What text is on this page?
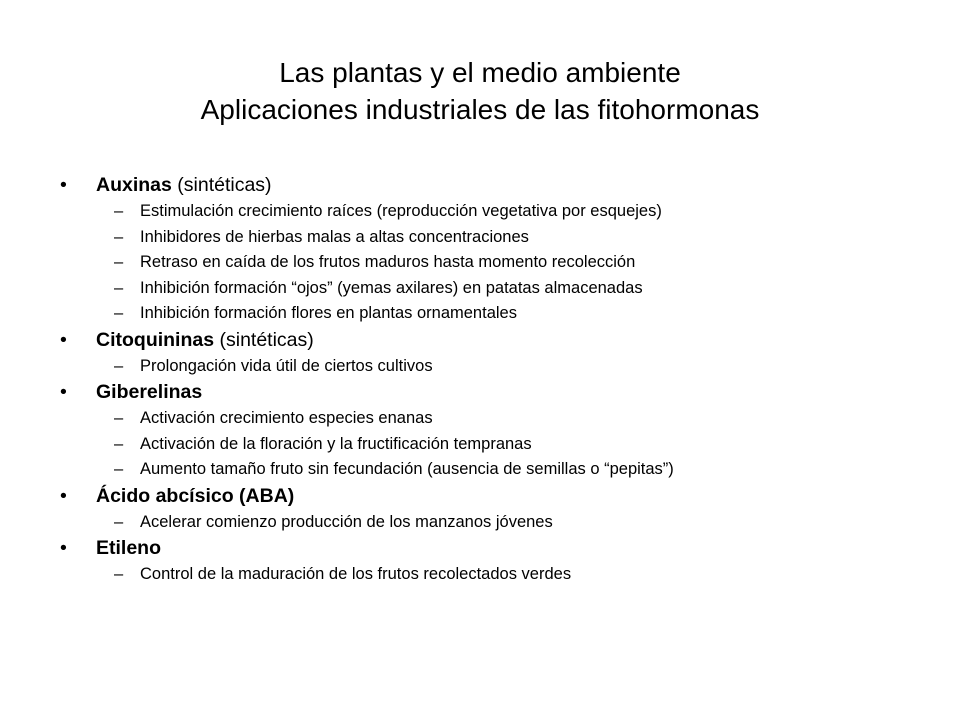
Las plantas y el medio ambiente
Aplicaciones industriales de las fitohormonas
• Auxinas (sintéticas)
– Estimulación crecimiento raíces (reproducción vegetativa por esquejes)
– Inhibidores de hierbas malas a altas concentraciones
– Retraso en caída de los frutos maduros hasta momento recolección
– Inhibición formación “ojos” (yemas axilares) en patatas almacenadas
– Inhibición formación flores en plantas ornamentales
• Citoquininas (sintéticas)
– Prolongación vida útil de ciertos cultivos
• Giberelinas
– Activación crecimiento especies enanas
– Activación de la floración y la fructificación tempranas
– Aumento tamaño fruto sin fecundación (ausencia de semillas o “pepitas”)
• Ácido abcísico (ABA)
– Acelerar comienzo producción de los manzanos jóvenes
• Etileno
– Control de la maduración de los frutos recolectados verdes
